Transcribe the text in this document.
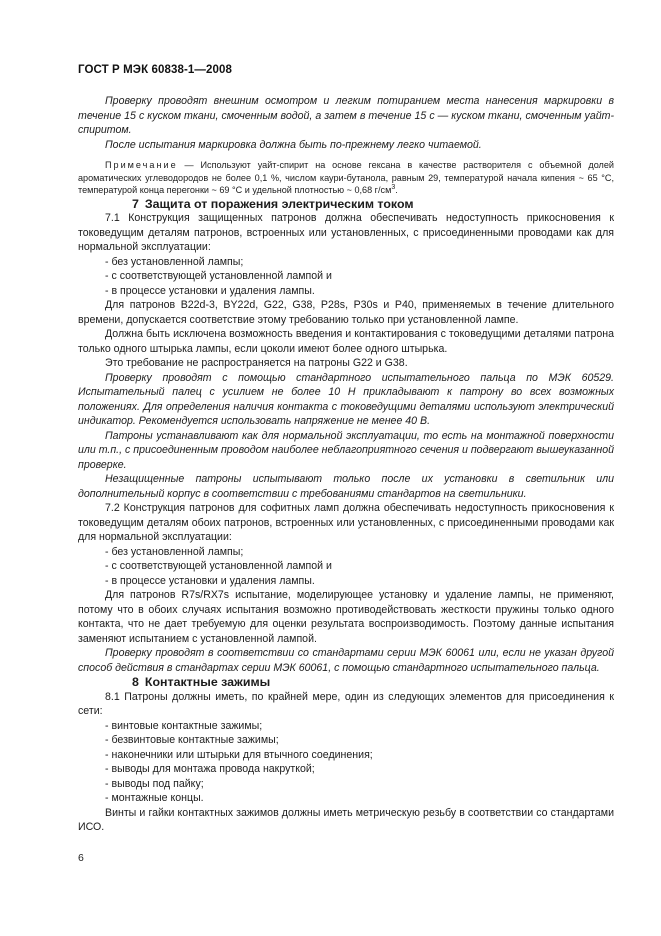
ГОСТ Р МЭК 60838-1—2008

Проверку проводят внешним осмотром и легким потиранием места нанесения маркировки в течение 15 с куском ткани, смоченным водой, а затем в течение 15 с — куском ткани, смоченным уайт-спиритом.

После испытания маркировка должна быть по-прежнему легко читаемой.

Примечание — Используют уайт-спирит на основе гексана в качестве растворителя с объемной долей ароматических углеводородов не более 0,1 %, числом каури-бутанола, равным 29, температурой начала кипения ~ 65 °С, температурой конца перегонки ~ 69 °С и удельной плотностью ~ 0,68 $г/см^3$.

7 Защита от поражения электрическим током

7.1 Конструкция защищенных патронов должна обеспечивать недоступность прикосновения к токоведущим деталям патронов, встроенных или установленных, с присоединенными проводами как для нормальной эксплуатации:

- без установленной лампы;

- с соответствующей установленной лампой и

- в процессе установки и удаления лампы.

Для патронов B22d-3, BY22d, G22, G38, P28s, P30s и P40, применяемых в течение длительного времени, допускается соответствие этому требованию только при установленной лампе.

Должна быть исключена возможность введения и контактирования с токоведущими деталями патрона только одного штырька лампы, если цоколи имеют более одного штырька.

Это требование не распространяется на патроны G22 и G38.

Проверку проводят с помощью стандартного испытательного пальца по МЭК 60529. Испытательный палец с усилием не более 10 Н прикладывают к патрону во всех возможных положениях. Для определения наличия контакта с токоведущими деталями используют электрический индикатор. Рекомендуется использовать напряжение не менее 40 В.

Патроны устанавливают как для нормальной эксплуатации, то есть на монтажной поверхности или т.п., с присоединенным проводом наиболее неблагоприятного сечения и подвергают вышеуказанной проверке.

Незащищенные патроны испытывают только после их установки в светильник или дополнительный корпус в соответствии с требованиями стандартов на светильники.

7.2 Конструкция патронов для софитных ламп должна обеспечивать недоступность прикосновения к токоведущим деталям обоих патронов, встроенных или установленных, с присоединенными проводами как для нормальной эксплуатации:

- без установленной лампы;

- с соответствующей установленной лампой и

- в процессе установки и удаления лампы.

Для патронов R7s/RX7s испытание, моделирующее установку и удаление лампы, не применяют, потому что в обоих случаях испытания возможно противодействовать жесткости пружины только одного контакта, что не дает требуемую для оценки результата воспроизводимость. Поэтому данные испытания заменяют испытанием с установленной лампой.

Проверку проводят в соответствии со стандартами серии МЭК 60061 или, если не указан другой способ действия в стандартах серии МЭК 60061, с помощью стандартного испытательного пальца.

8 Контактные зажимы

8.1 Патроны должны иметь, по крайней мере, один из следующих элементов для присоединения к сети:

- винтовые контактные зажимы;

- безвинтовые контактные зажимы;

- наконечники или штырьки для втычного соединения;

- выводы для монтажа провода накруткой;

- выводы под пайку;

- монтажные концы.

Винты и гайки контактных зажимов должны иметь метрическую резьбу в соответствии со стандартами ИСО.

6
